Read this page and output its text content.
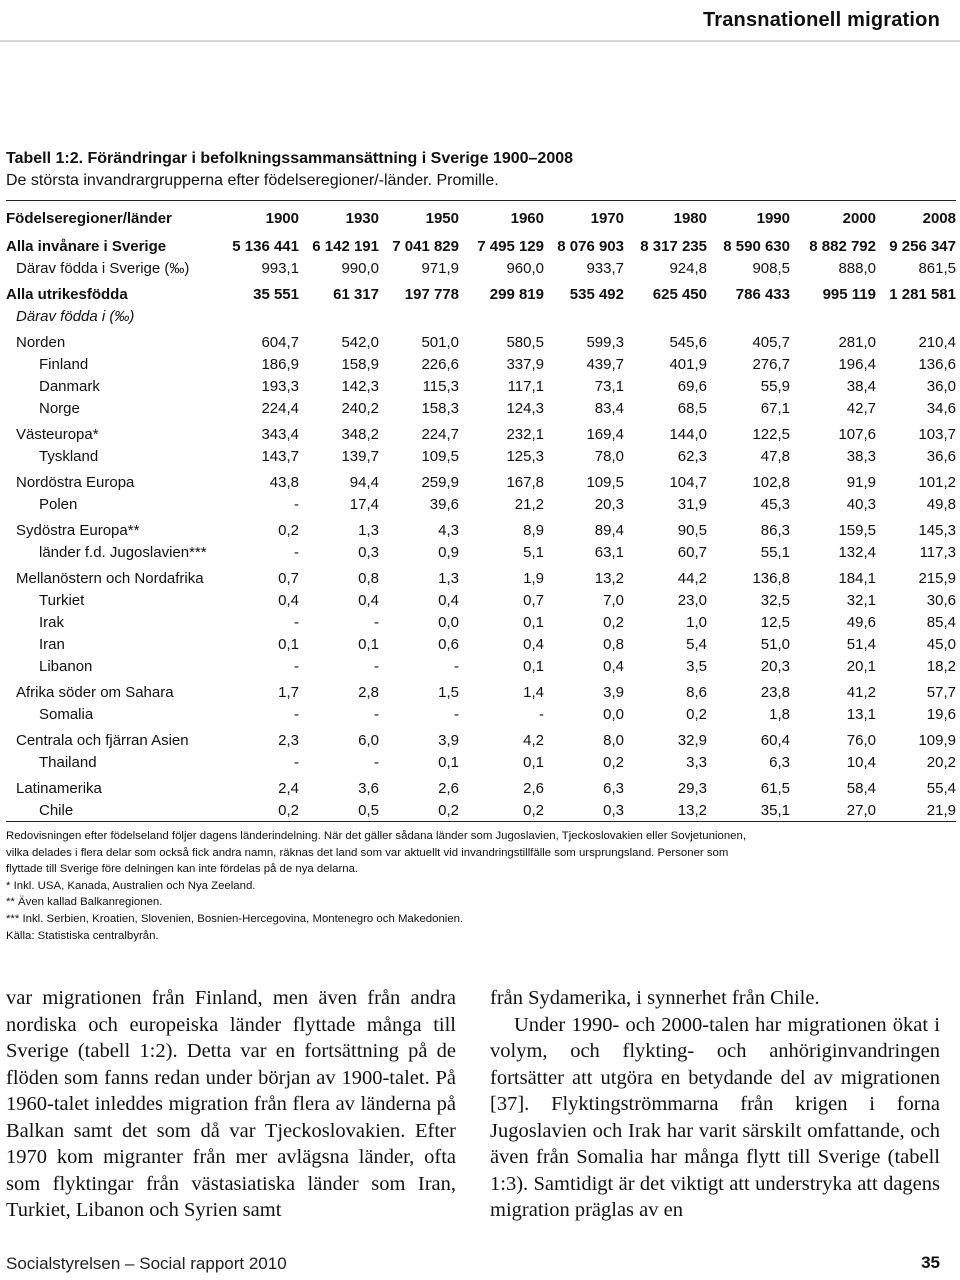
Transnationell migration
Tabell 1:2. Förändringar i befolkningssammansättning i Sverige 1900–2008
De största invandrargrupperna efter födelseregioner/-länder. Promille.
Födelseregioner/länder	1900	1930	1950	1960	1970	1980	1990	2000	2008
Alla invånare i Sverige	5 136 441	6 142 191	7 041 829	7 495 129	8 076 903	8 317 235	8 590 630	8 882 792	9 256 347
Därav födda i Sverige (‰)	993,1	990,0	971,9	960,0	933,7	924,8	908,5	888,0	861,5
Alla utrikesfödda	35 551	61 317	197 778	299 819	535 492	625 450	786 433	995 119	1 281 581
Därav födda i (‰)									
Norden	604,7	542,0	501,0	580,5	599,3	545,6	405,7	281,0	210,4
Finland	186,9	158,9	226,6	337,9	439,7	401,9	276,7	196,4	136,6
Danmark	193,3	142,3	115,3	117,1	73,1	69,6	55,9	38,4	36,0
Norge	224,4	240,2	158,3	124,3	83,4	68,5	67,1	42,7	34,6
Västeuropa*	343,4	348,2	224,7	232,1	169,4	144,0	122,5	107,6	103,7
Tyskland	143,7	139,7	109,5	125,3	78,0	62,3	47,8	38,3	36,6
Nordöstra Europa	43,8	94,4	259,9	167,8	109,5	104,7	102,8	91,9	101,2
Polen	-	17,4	39,6	21,2	20,3	31,9	45,3	40,3	49,8
Sydöstra Europa**	0,2	1,3	4,3	8,9	89,4	90,5	86,3	159,5	145,3
länder f.d. Jugoslavien***	-	0,3	0,9	5,1	63,1	60,7	55,1	132,4	117,3
Mellanöstern och Nordafrika	0,7	0,8	1,3	1,9	13,2	44,2	136,8	184,1	215,9
Turkiet	0,4	0,4	0,4	0,7	7,0	23,0	32,5	32,1	30,6
Irak	-	-	0,0	0,1	0,2	1,0	12,5	49,6	85,4
Iran	0,1	0,1	0,6	0,4	0,8	5,4	51,0	51,4	45,0
Libanon	-	-	-	0,1	0,4	3,5	20,3	20,1	18,2
Afrika söder om Sahara	1,7	2,8	1,5	1,4	3,9	8,6	23,8	41,2	57,7
Somalia	-	-	-	-	0,0	0,2	1,8	13,1	19,6
Centrala och fjärran Asien	2,3	6,0	3,9	4,2	8,0	32,9	60,4	76,0	109,9
Thailand	-	-	0,1	0,1	0,2	3,3	6,3	10,4	20,2
Latinamerika	2,4	3,6	2,6	2,6	6,3	29,3	61,5	58,4	55,4
Chile	0,2	0,5	0,2	0,2	0,3	13,2	35,1	27,0	21,9
Redovisningen efter födelseland följer dagens länderindelning. När det gäller sådana länder som Jugoslavien, Tjeckoslovakien eller Sovjetunionen,
vilka delades i flera delar som också fick andra namn, räknas det land som var aktuellt vid invandringstillfälle som ursprungsland. Personer som
flyttade till Sverige före delningen kan inte fördelas på de nya delarna.
* Inkl. USA, Kanada, Australien och Nya Zeeland.
** Även kallad Balkanregionen.
*** Inkl. Serbien, Kroatien, Slovenien, Bosnien-Hercegovina, Montenegro och Makedonien.
Källa: Statistiska centralbyrån.

var migrationen från Finland, men även från andra nordiska och europeiska länder flyttade många till Sverige (tabell 1:2). Detta var en fortsättning på de flöden som fanns redan under början av 1900-talet. På 1960-talet inleddes migration från flera av länderna på Balkan samt det som då var Tjeckoslovakien. Efter 1970 kom migranter från mer avlägsna länder, ofta som flyktingar från västasiatiska länder som Iran, Turkiet, Libanon och Syrien samt

från Sydamerika, i synnerhet från Chile.

Under 1990- och 2000-talen har migrationen ökat i volym, och flykting- och anhöriginvandringen fortsätter att utgöra en betydande del av migrationen [37]. Flyktingströmmarna från krigen i forna Jugoslavien och Irak har varit särskilt omfattande, och även från Somalia har många flytt till Sverige (tabell 1:3). Samtidigt är det viktigt att understryka att dagens migration präglas av en

Socialstyrelsen – Social rapport 2010	35
